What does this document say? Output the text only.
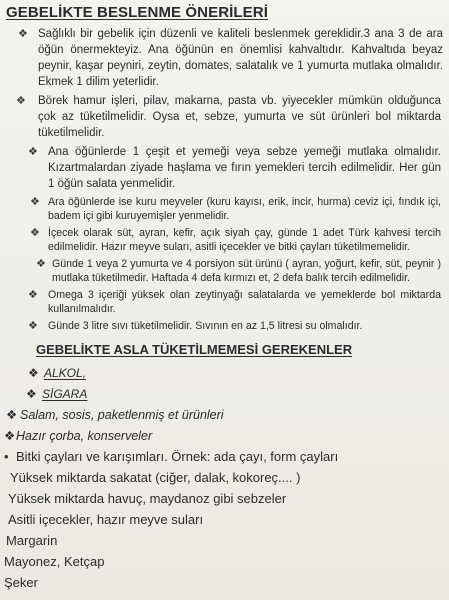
GEBELİKTE BESLENME ÖNERİLERİ
❖ Sağlıklı bir gebelik için düzenli ve kaliteli beslenmek gereklidir.3 ana 3 de ara öğün önermekteyiz. Ana öğünün en önemlisi kahvaltıdır. Kahvaltıda beyaz peynir, kaşar peyniri, zeytin, domates, salatalık ve 1 yumurta mutlaka olmalıdır. Ekmek 1 dilim yeterlidir.
❖	Börek hamur işleri, pilav, makarna, pasta vb. yiyecekler mümkün olduğunca çok az tüketilmelidir. Oysa et, sebze, yumurta ve süt ürünleri bol miktarda tüketilmelidir.
❖ Ana öğünlerde 1 çeşit et yemeği veya sebze yemeği mutlaka olmalıdır. Kızartmalardan ziyade haşlama ve fırın yemekleri tercih edilmelidir. Her gün 1 öğün salata yenmelidir.
❖ Ara öğünlerde ise kuru meyveler (kuru kayısı, erik, incir, hurma) ceviz içi, fındık içi, badem içi gibi kuruyemişler yenmelidir.
❖ İçecek olarak süt, ayran, kefir, açık siyah çay, günde 1 adet Türk kahvesi tercih edilmelidir. Hazır meyve suları, asitli içecekler ve bitki çayları tüketilmemelidir.
❖ Günde 1 veya 2 yumurta ve 4 porsiyon süt ürünü ( ayran, yoğurt, kefir, süt, peynir ) mutlaka tüketilmedir. Haftada 4 defa kırmızı et, 2 defa balık tercih edilmelidir.
❖ Omega 3 içeriği yüksek olan zeytinyağı salatalarda ve yemeklerde bol miktarda kullanılmalıdır.
GEBELİKTE ASLA TÜKETİLMEMESİ GEREKENLER
❖ ALKOL,
❖ SİGARA
❖ Salam, sosis, paketlenmiş et ürünleri
❖Hazır çorba, konserveler
• Bitki çayları ve karışımları. Örnek: ada çayı, form çayları
Yüksek miktarda sakatat (ciğer, dalak, kokoreç.... )
Yüksek miktarda havuç, maydanoz gibi sebzeler
Asitli içecekler, hazır meyve suları
Margarin
Mayonez, Ketçap
Şeker
❖ Günde 3 litre sıvı tüketilmelidir. Sıvının en az 1,5 litresi su olmalıdır.
